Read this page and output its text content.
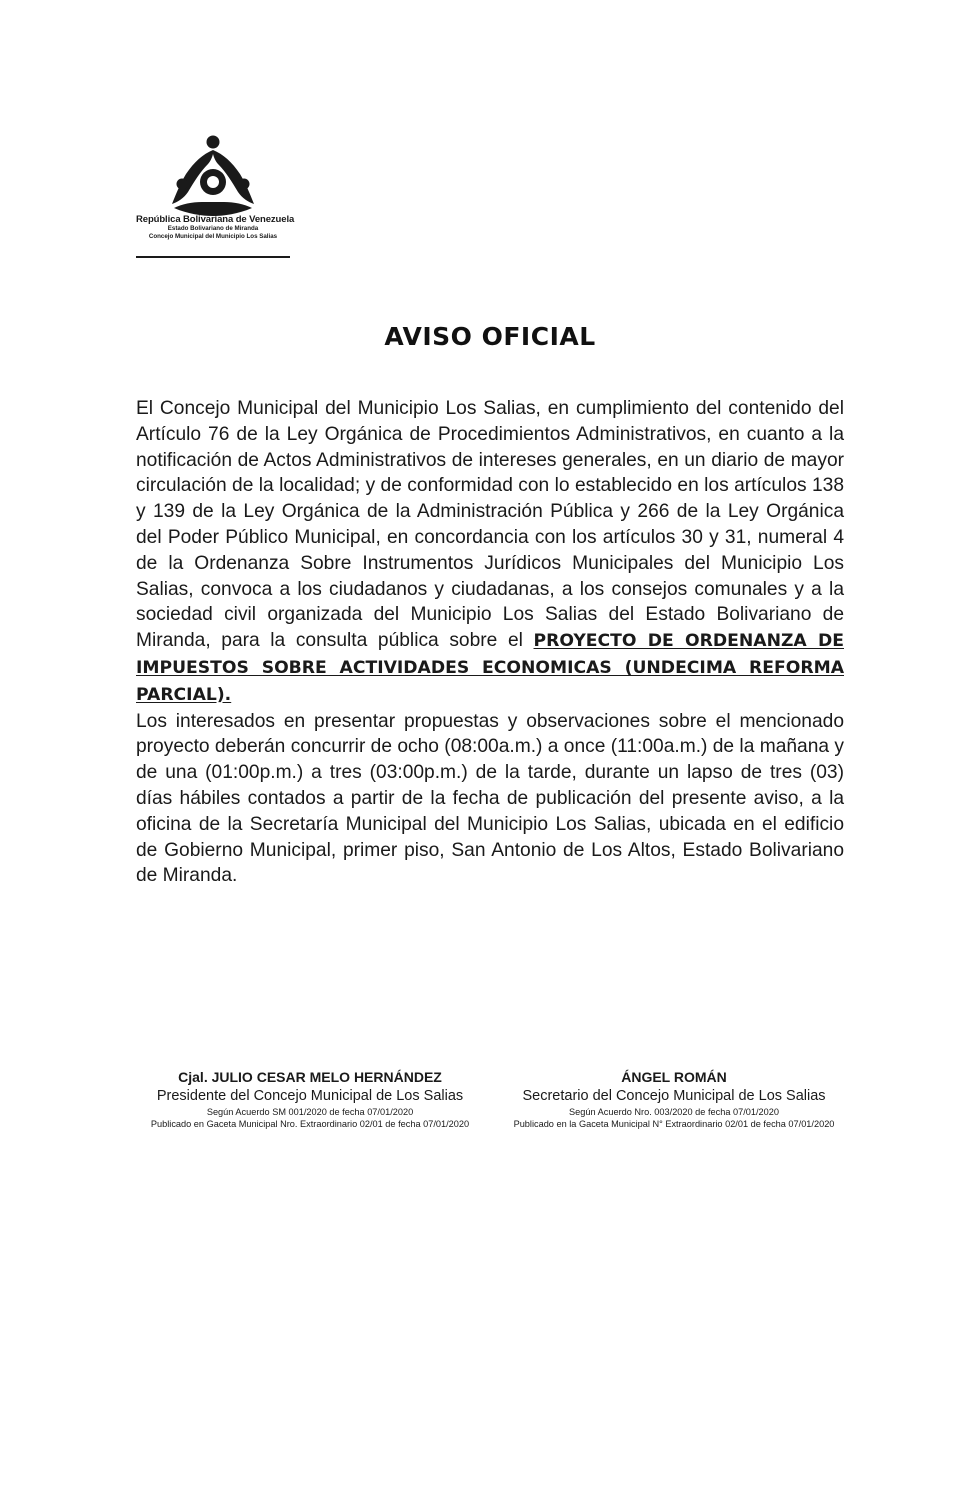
República Bolivariana de Venezuela
Estado Bolivariano de Miranda
Concejo Municipal del Municipio Los Salias
AVISO OFICIAL

El Concejo Municipal del Municipio Los Salias, en cumplimiento del contenido del Artículo 76 de la Ley Orgánica de Procedimientos Administrativos, en cuanto a la notificación de Actos Administrativos de intereses generales, en un diario de mayor circulación de la localidad; y de conformidad con lo establecido en los artículos 138 y 139 de la Ley Orgánica de la Administración Pública y 266 de la Ley Orgánica del Poder Público Municipal, en concordancia con los artículos 30 y 31, numeral 4 de la Ordenanza Sobre Instrumentos Jurídicos Municipales del Municipio Los Salias, convoca a los ciudadanos y ciudadanas, a los consejos comunales y a la sociedad civil organizada del Municipio Los Salias del Estado Bolivariano de Miranda, para la consulta pública sobre el PROYECTO DE ORDENANZA DE IMPUESTOS SOBRE ACTIVIDADES ECONOMICAS (UNDECIMA REFORMA PARCIAL).

Los interesados en presentar propuestas y observaciones sobre el mencionado proyecto deberán concurrir de ocho (08:00a.m.) a once (11:00a.m.) de la mañana y de una (01:00p.m.) a tres (03:00p.m.) de la tarde, durante un lapso de tres (03) días hábiles contados a partir de la fecha de publicación del presente aviso, a la oficina de la Secretaría Municipal del Municipio Los Salias, ubicada en el edificio de Gobierno Municipal, primer piso, San Antonio de Los Altos, Estado Bolivariano de Miranda.

Cjal. JULIO CESAR MELO HERNÁNDEZ
Presidente del Concejo Municipal de Los Salias
Según Acuerdo SM 001/2020 de fecha 07/01/2020
Publicado en Gaceta Municipal Nro. Extraordinario 02/01 de fecha 07/01/2020
ÁNGEL ROMÁN
Secretario del Concejo Municipal de Los Salias
Según Acuerdo Nro. 003/2020 de fecha 07/01/2020
Publicado en la Gaceta Municipal N° Extraordinario 02/01 de fecha 07/01/2020
